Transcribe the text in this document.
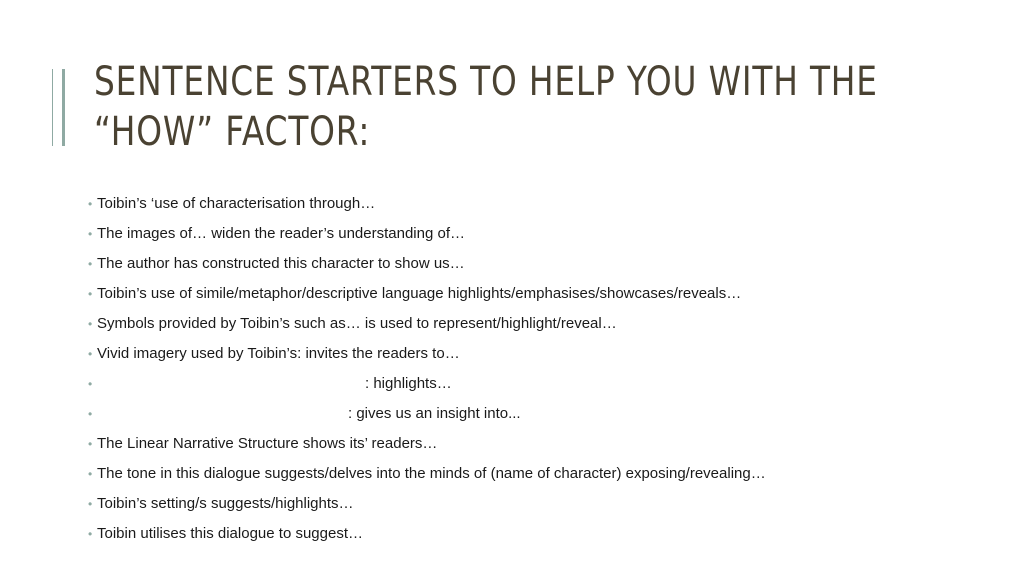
SENTENCE STARTERS TO HELP YOU WITH THE
“HOW” FACTOR:
• Toibin’s ‘use of characterisation through…
• The images of… widen the reader’s understanding of…
• The author has constructed this character to show us…
• Toibin’s use of simile/metaphor/descriptive language highlights/emphasises/showcases/reveals…
• Symbols provided by Toibin’s such as… is used to represent/highlight/reveal…
• Vivid imagery used by Toibin’s: invites the readers to…
•	: highlights…
•	: gives us an insight into...
• The Linear Narrative Structure shows its’ readers…
• The tone in this dialogue suggests/delves into the minds of (name of character) exposing/revealing…
• Toibin’s setting/s suggests/highlights…
• Toibin utilises this dialogue to suggest…
